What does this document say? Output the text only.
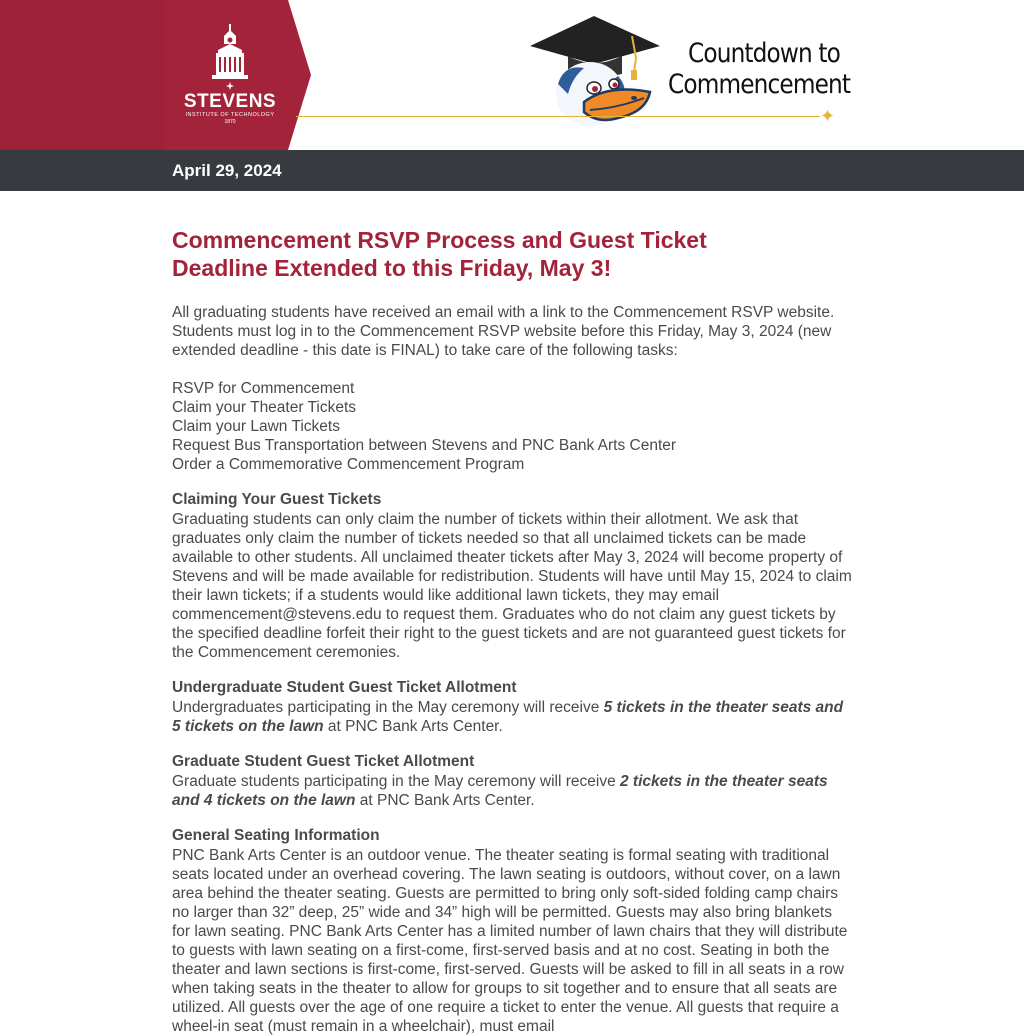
STEVENS
INSTITUTE OF TECHNOLOGY
1870
Countdown to
Commencement
✦
April 29, 2024
Commencement RSVP Process and Guest Ticket Deadline Extended to this Friday, May 3!

All graduating students have received an email with a link to the Commencement RSVP website. Students must log in to the Commencement RSVP website before this Friday, May 3, 2024 (new extended deadline - this date is FINAL) to take care of the following tasks:

RSVP for Commencement
Claim your Theater Tickets
Claim your Lawn Tickets
Request Bus Transportation between Stevens and PNC Bank Arts Center
Order a Commemorative Commencement Program
Claiming Your Guest Tickets

Graduating students can only claim the number of tickets within their allotment. We ask that graduates only claim the number of tickets needed so that all unclaimed tickets can be made available to other students. All unclaimed theater tickets after May 3, 2024 will become property of Stevens and will be made available for redistribution. Students will have until May 15, 2024 to claim their lawn tickets; if a students would like additional lawn tickets, they may email commencement@stevens.edu to request them. Graduates who do not claim any guest tickets by the specified deadline forfeit their right to the guest tickets and are not guaranteed guest tickets for the Commencement ceremonies.

Undergraduate Student Guest Ticket Allotment

Undergraduates participating in the May ceremony will receive 5 tickets in the theater seats and 5 tickets on the lawn at PNC Bank Arts Center.

Graduate Student Guest Ticket Allotment

Graduate students participating in the May ceremony will receive 2 tickets in the theater seats and 4 tickets on the lawn at PNC Bank Arts Center.

General Seating Information

PNC Bank Arts Center is an outdoor venue. The theater seating is formal seating with traditional seats located under an overhead covering. The lawn seating is outdoors, without cover, on a lawn area behind the theater seating. Guests are permitted to bring only soft-sided folding camp chairs no larger than 32” deep, 25” wide and 34” high will be permitted. Guests may also bring blankets for lawn seating. PNC Bank Arts Center has a limited number of lawn chairs that they will distribute to guests with lawn seating on a first-come, first-served basis and at no cost. Seating in both the theater and lawn sections is first-come, first-served. Guests will be asked to fill in all seats in a row when taking seats in the theater to allow for groups to sit together and to ensure that all seats are utilized. All guests over the age of one require a ticket to enter the venue. All guests that require a wheel-in seat (must remain in a wheelchair), must email
